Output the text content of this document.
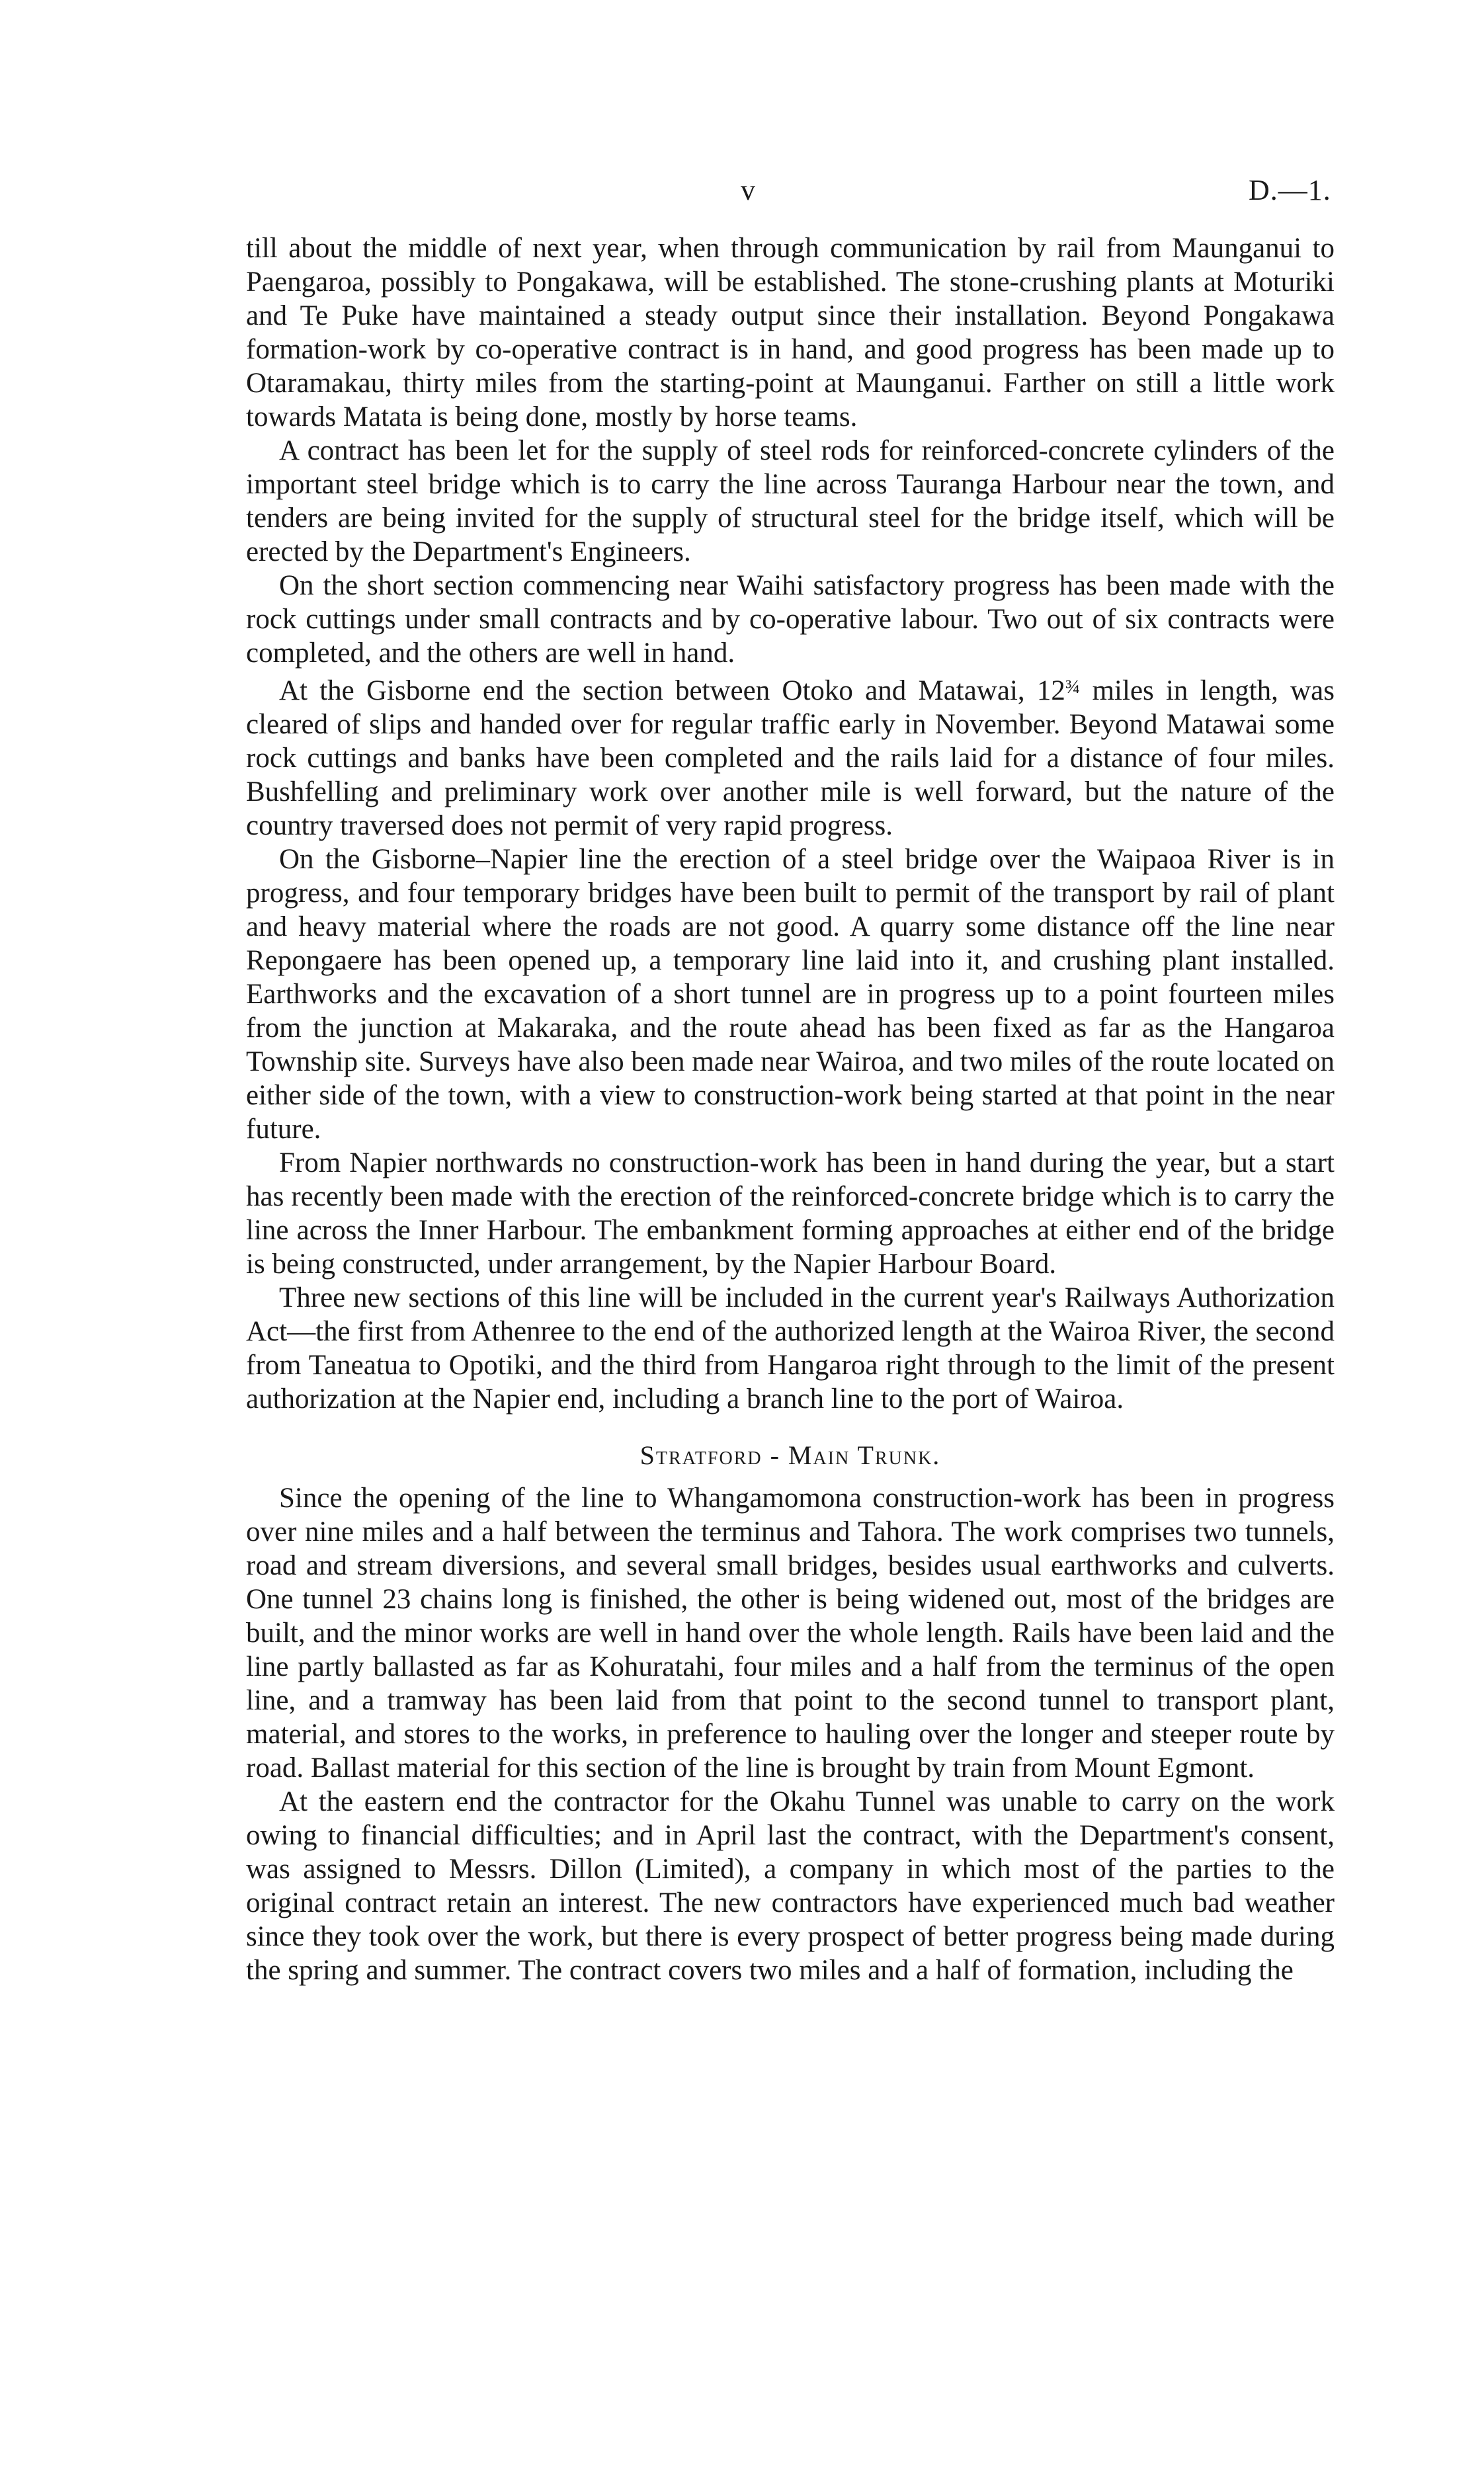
v	D.—1.

till about the middle of next year, when through communication by rail from Maunganui to Paengaroa, possibly to Pongakawa, will be established. The stone-crushing plants at Moturiki and Te Puke have maintained a steady output since their installation. Beyond Pongakawa formation-work by co-operative contract is in hand, and good progress has been made up to Otaramakau, thirty miles from the starting-point at Maunganui. Farther on still a little work towards Matata is being done, mostly by horse teams.

A contract has been let for the supply of steel rods for reinforced-concrete cylinders of the important steel bridge which is to carry the line across Tauranga Harbour near the town, and tenders are being invited for the supply of structural steel for the bridge itself, which will be erected by the Department's Engineers.

On the short section commencing near Waihi satisfactory progress has been made with the rock cuttings under small contracts and by co-operative labour. Two out of six contracts were completed, and the others are well in hand.

At the Gisborne end the section between Otoko and Matawai, $12^{\frac{3}{4}}$ miles in length, was cleared of slips and handed over for regular traffic early in November. Beyond Matawai some rock cuttings and banks have been completed and the rails laid for a distance of four miles. Bushfelling and preliminary work over another mile is well forward, but the nature of the country traversed does not permit of very rapid progress.

On the Gisborne–Napier line the erection of a steel bridge over the Waipaoa River is in progress, and four temporary bridges have been built to permit of the transport by rail of plant and heavy material where the roads are not good. A quarry some distance off the line near Repongaere has been opened up, a temporary line laid into it, and crushing plant installed. Earthworks and the excavation of a short tunnel are in progress up to a point fourteen miles from the junction at Makaraka, and the route ahead has been fixed as far as the Hangaroa Township site. Surveys have also been made near Wairoa, and two miles of the route located on either side of the town, with a view to construction-work being started at that point in the near future.

From Napier northwards no construction-work has been in hand during the year, but a start has recently been made with the erection of the reinforced-concrete bridge which is to carry the line across the Inner Harbour. The embankment forming approaches at either end of the bridge is being constructed, under arrangement, by the Napier Harbour Board.

Three new sections of this line will be included in the current year's Railways Authorization Act—the first from Athenree to the end of the authorized length at the Wairoa River, the second from Taneatua to Opotiki, and the third from Hangaroa right through to the limit of the present authorization at the Napier end, including a branch line to the port of Wairoa.

Stratford - Main Trunk.

Since the opening of the line to Whangamomona construction-work has been in progress over nine miles and a half between the terminus and Tahora. The work comprises two tunnels, road and stream diversions, and several small bridges, besides usual earthworks and culverts. One tunnel 23 chains long is finished, the other is being widened out, most of the bridges are built, and the minor works are well in hand over the whole length. Rails have been laid and the line partly ballasted as far as Kohuratahi, four miles and a half from the terminus of the open line, and a tramway has been laid from that point to the second tunnel to transport plant, material, and stores to the works, in preference to hauling over the longer and steeper route by road. Ballast material for this section of the line is brought by train from Mount Egmont.

At the eastern end the contractor for the Okahu Tunnel was unable to carry on the work owing to financial difficulties; and in April last the contract, with the Department's consent, was assigned to Messrs. Dillon (Limited), a company in which most of the parties to the original contract retain an interest. The new contractors have experienced much bad weather since they took over the work, but there is every prospect of better progress being made during the spring and summer. The contract covers two miles and a half of formation, including the
